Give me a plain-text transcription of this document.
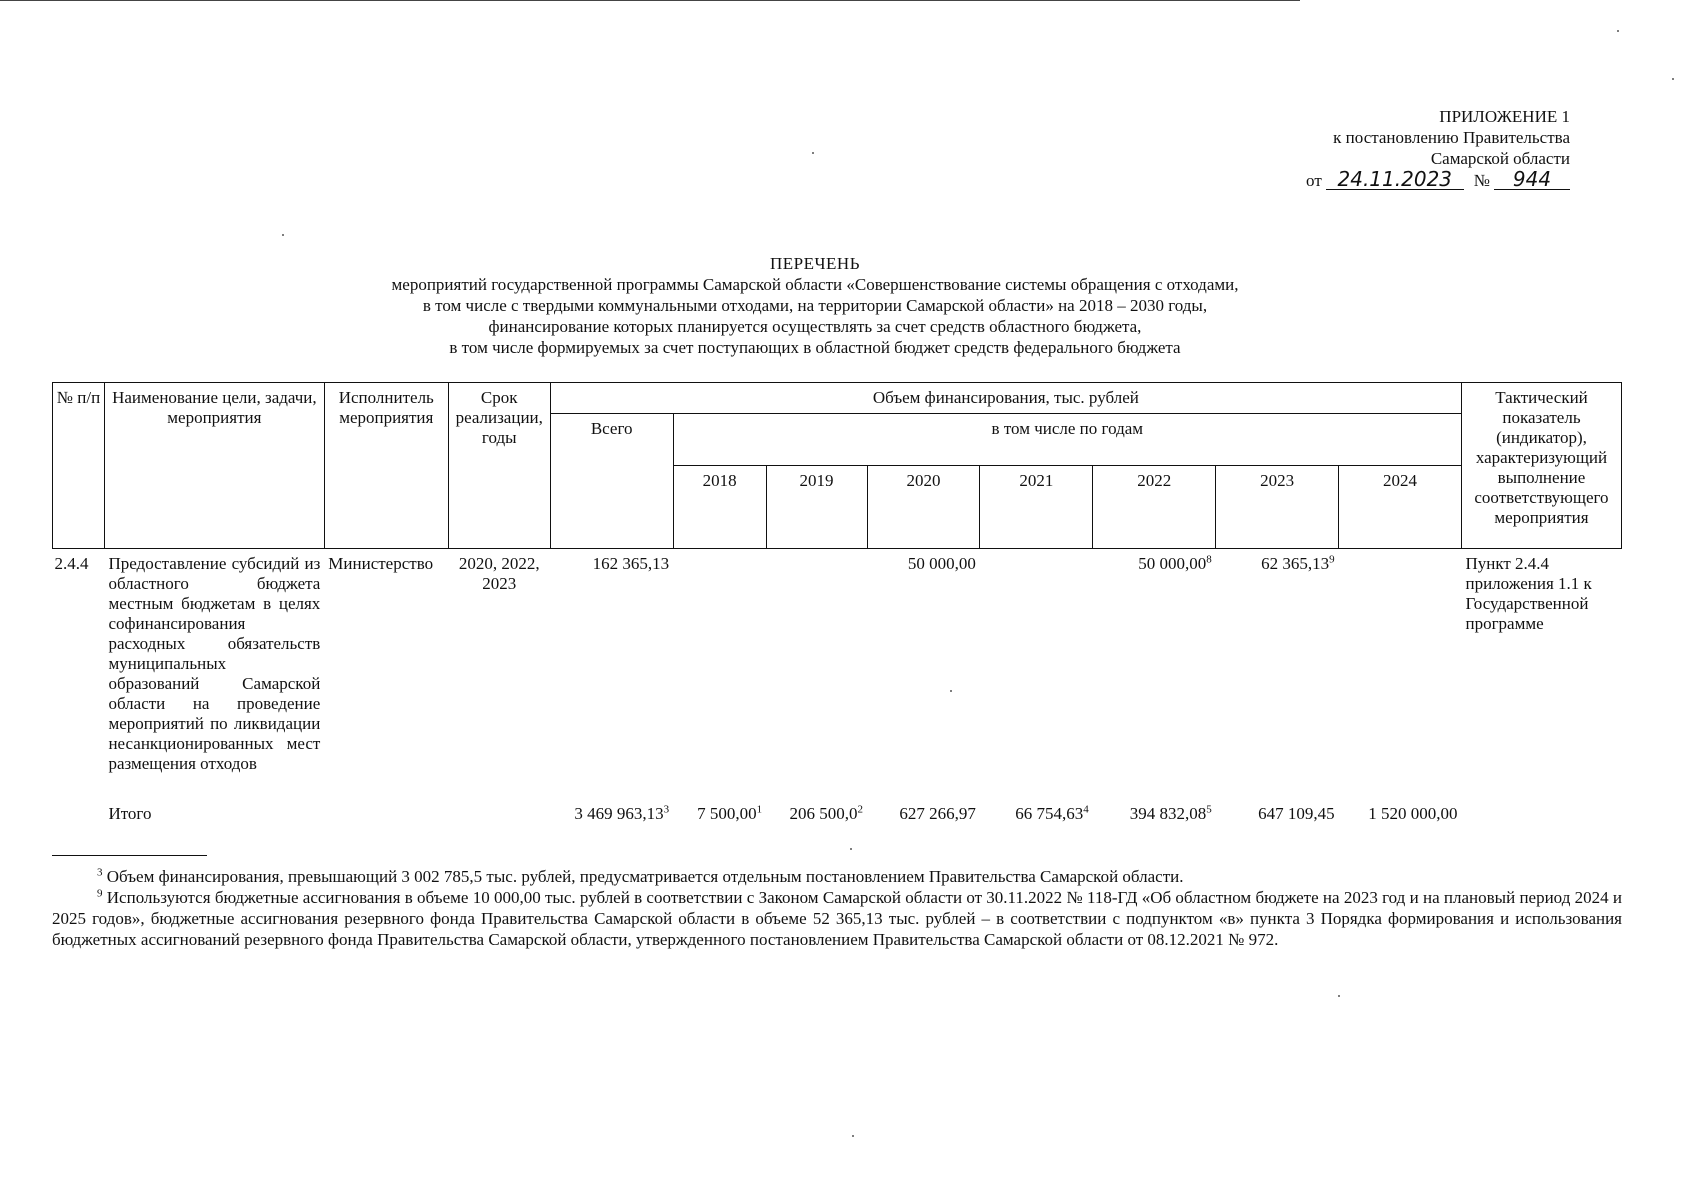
ПРИЛОЖЕНИЕ 1
к постановлению Правительства
Самарской области
от 24.11.2023	№	944
ПЕРЕЧЕНЬ
мероприятий государственной программы Самарской области «Совершенствование системы обращения с отходами,
в том числе с твердыми коммунальными отходами, на территории Самарской области» на 2018 – 2030 годы,
финансирование которых планируется осуществлять за счет средств областного бюджета,
в том числе формируемых за счет поступающих в областной бюджет средств федерального бюджета
№ п/п	Наименование цели, задачи, мероприятия	Исполнитель мероприятия	Срок реализации, годы	Объем финансирования, тыс. рублей								Тактический показатель (индикатор), характеризующий выполнение соответствующего мероприятия
				Всего	в том числе по годам							
					2018	2019	2020	2021	2022	2023	2024	
2.4.4	Предоставление субсидий из областного бюджета местным бюджетам в целях софинансирования расходных обязательств муниципальных образований Самарской области на проведение мероприятий по ликвидации несанкционированных мест размещения отходов	Министерство	2020, 2022, 2023	162 365,13			50 000,00		50 000,00$^8$	62 365,13$^9$		Пункт 2.4.4 приложения 1.1 к Государственной программе
	Итого			3 469 963,13$^3$	7 500,00$^1$	206 500,0$^2$	627 266,97	66 754,63$^4$	394 832,08$^5$	647 109,45	1 520 000,00	

$^3$ Объем финансирования, превышающий 3 002 785,5 тыс. рублей, предусматривается отдельным постановлением Правительства Самарской области.

$^9$ Используются бюджетные ассигнования в объеме 10 000,00 тыс. рублей в соответствии с Законом Самарской области от 30.11.2022 № 118-ГД «Об областном бюджете на 2023 год и на плановый период 2024 и 2025 годов», бюджетные ассигнования резервного фонда Правительства Самарской области в объеме 52 365,13 тыс. рублей – в соответствии с подпунктом «в» пункта 3 Порядка формирования и использования бюджетных ассигнований резервного фонда Правительства Самарской области, утвержденного постановлением Правительства Самарской области от 08.12.2021 № 972.
